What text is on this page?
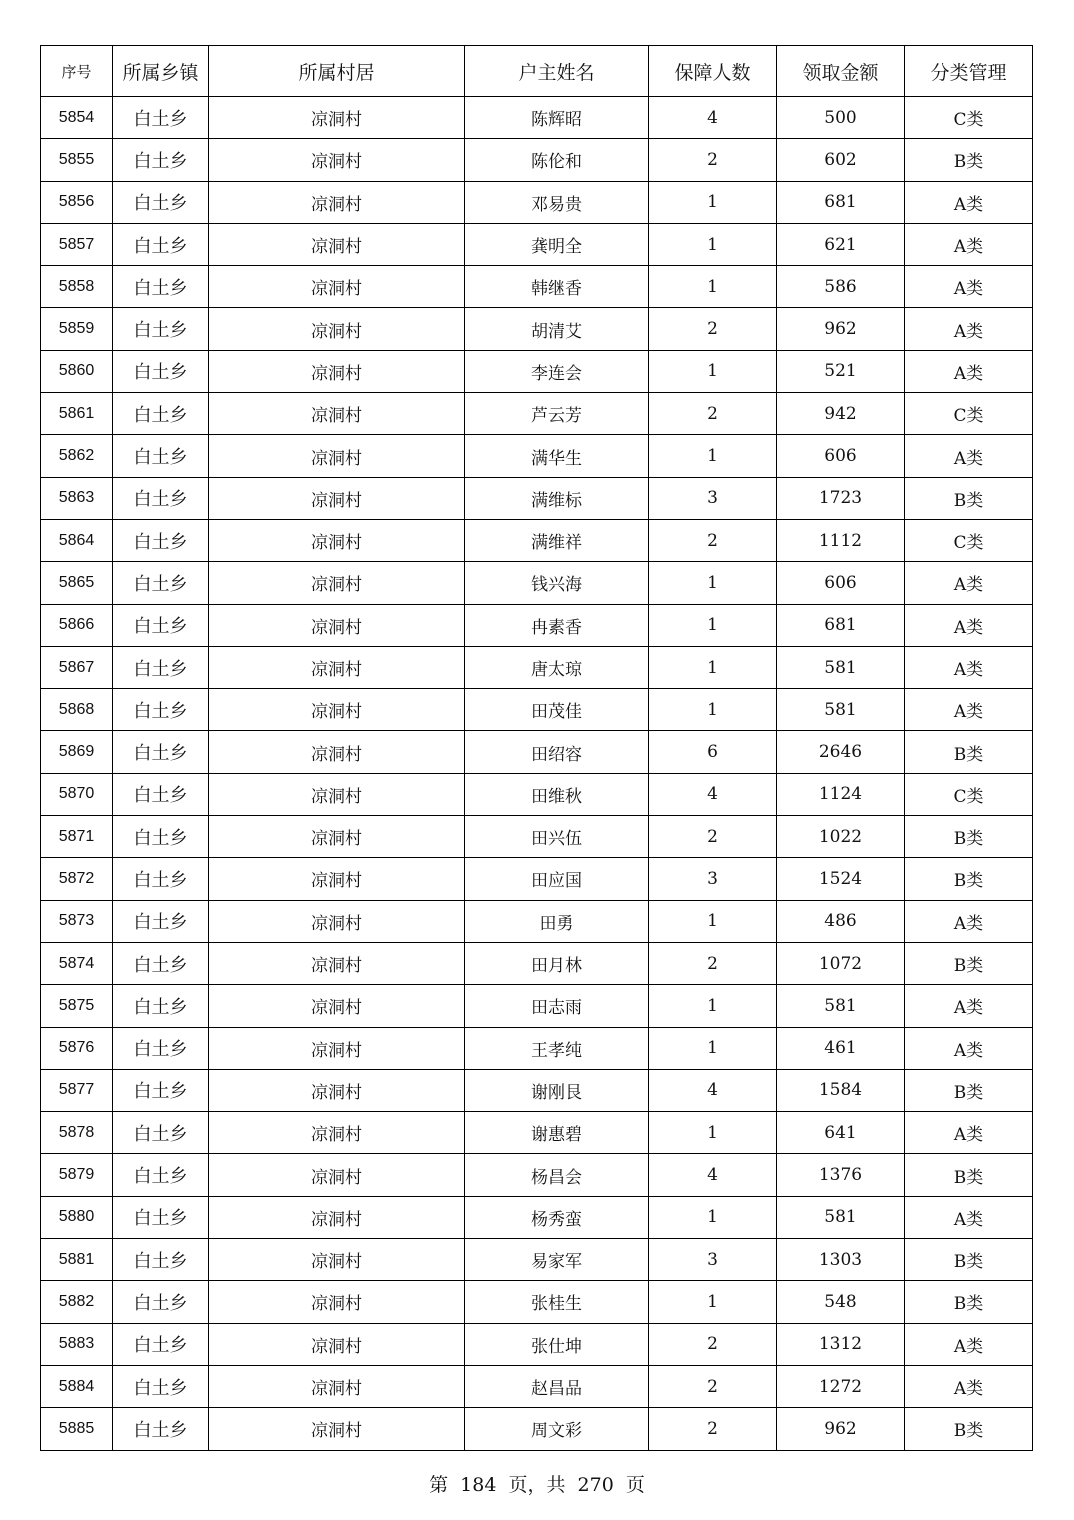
序号	所属乡镇	所属村居	户主姓名	保障人数	领取金额	分类管理
5854	白土乡	凉洞村	陈辉昭	4	500	C类
5855	白土乡	凉洞村	陈伦和	2	602	B类
5856	白土乡	凉洞村	邓易贵	1	681	A类
5857	白土乡	凉洞村	龚明全	1	621	A类
5858	白土乡	凉洞村	韩继香	1	586	A类
5859	白土乡	凉洞村	胡清艾	2	962	A类
5860	白土乡	凉洞村	李连会	1	521	A类
5861	白土乡	凉洞村	芦云芳	2	942	C类
5862	白土乡	凉洞村	满华生	1	606	A类
5863	白土乡	凉洞村	满维标	3	1723	B类
5864	白土乡	凉洞村	满维祥	2	1112	C类
5865	白土乡	凉洞村	钱兴海	1	606	A类
5866	白土乡	凉洞村	冉素香	1	681	A类
5867	白土乡	凉洞村	唐太琼	1	581	A类
5868	白土乡	凉洞村	田茂佳	1	581	A类
5869	白土乡	凉洞村	田绍容	6	2646	B类
5870	白土乡	凉洞村	田维秋	4	1124	C类
5871	白土乡	凉洞村	田兴伍	2	1022	B类
5872	白土乡	凉洞村	田应国	3	1524	B类
5873	白土乡	凉洞村	田勇	1	486	A类
5874	白土乡	凉洞村	田月林	2	1072	B类
5875	白土乡	凉洞村	田志雨	1	581	A类
5876	白土乡	凉洞村	王孝纯	1	461	A类
5877	白土乡	凉洞村	谢刚艮	4	1584	B类
5878	白土乡	凉洞村	谢惠碧	1	641	A类
5879	白土乡	凉洞村	杨昌会	4	1376	B类
5880	白土乡	凉洞村	杨秀蛮	1	581	A类
5881	白土乡	凉洞村	易家军	3	1303	B类
5882	白土乡	凉洞村	张桂生	1	548	B类
5883	白土乡	凉洞村	张仕坤	2	1312	A类
5884	白土乡	凉洞村	赵昌品	2	1272	A类
5885	白土乡	凉洞村	周文彩	2	962	B类
第 184 页，共 270 页
